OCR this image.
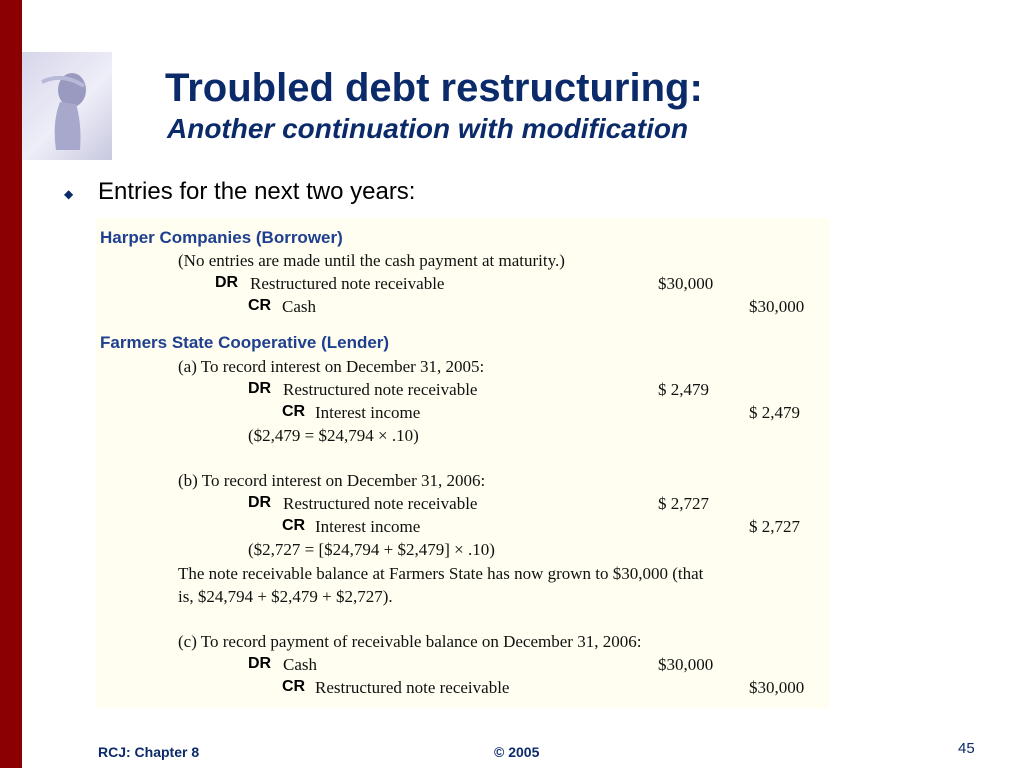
Troubled debt restructuring:
Another continuation with modification
◆ Entries for the next two years:
Harper Companies (Borrower)
(No entries are made until the cash payment at maturity.)
DR Restructured note receivable	$30,000
CR Cash	$30,000
Farmers State Cooperative (Lender)
(a) To record interest on December 31, 2005:
DR Restructured note receivable	$ 2,479
CR Interest income	$ 2,479
($2,479 = $24,794 × .10)
(b) To record interest on December 31, 2006:
DR Restructured note receivable	$ 2,727
CR Interest income	$ 2,727
($2,727 = [$24,794 + $2,479] × .10)
The note receivable balance at Farmers State has now grown to $30,000 (that
is, $24,794 + $2,479 + $2,727).
(c) To record payment of receivable balance on December 31, 2006:
DR Cash	$30,000
CR Restructured note receivable	$30,000
RCJ: Chapter 8	© 2005	45
